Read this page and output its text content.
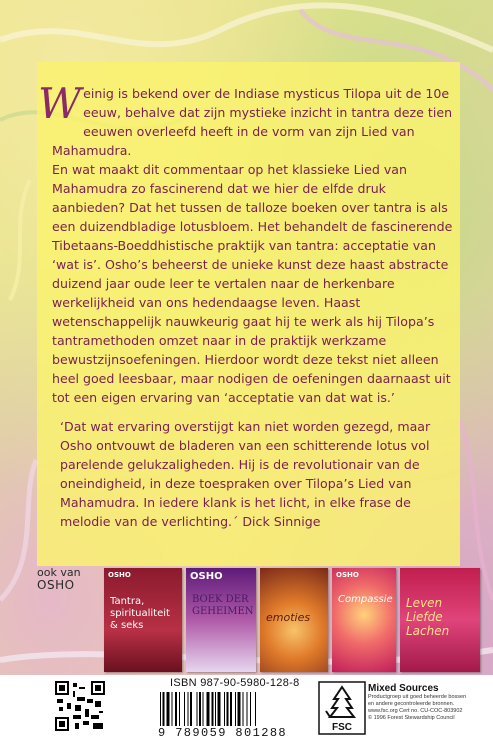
Weinig is bekend over de Indiase mysticus Tilopa uit de 10e eeuw, behalve dat zijn mystieke inzicht in tantra deze tien eeuwen overleefd heeft in de vorm van zijn Lied van Mahamudra.

En wat maakt dit commentaar op het klassieke Lied van Mahamudra zo fascinerend dat we hier de elfde druk aanbieden? Dat het tussen de talloze boeken over tantra is als een duizendbladige lotusbloem. Het behandelt de fascinerende Tibetaans-Boeddhistische praktijk van tantra: acceptatie van ‘wat is’. Osho’s beheerst de unieke kunst deze haast abstracte duizend jaar oude leer te vertalen naar de herkenbare werkelijkheid van ons hedendaagse leven. Haast wetenschappelijk nauwkeurig gaat hij te werk als hij Tilopa’s tantramethoden omzet naar in de praktijk werkzame bewustzijnsoefeningen. Hierdoor wordt deze tekst niet alleen heel goed leesbaar, maar nodigen de oefeningen daarnaast uit tot een eigen ervaring van ‘acceptatie van dat wat is.’

‘Dat wat ervaring overstijgt kan niet worden gezegd, maar Osho ontvouwt de bladeren van een schitterende lotus vol parelende gelukzaligheden. Hij is de revolutionair van de oneindigheid, in deze toespraken over Tilopa’s Lied van Mahamudra. In iedere klank is het licht, in elke frase de melodie van de verlichting.´ Dick Sinnige

ook van
OSHO
OSHO
Tantra, spiritualiteit & seks
OSHO
BOEK DER GEHEIMEN emoties
OSHO
Compassie Leven Liefde Lachen
ISBN 987-90-5980-128-8
9 789059 801288	FSC
Mixed Sources
Productgroep uit goed beheerde bossen
en andere gecontroleerde bronnen.
www.fsc.org Cert no. CU-COC-803902
© 1996 Forest Stewardship Council
